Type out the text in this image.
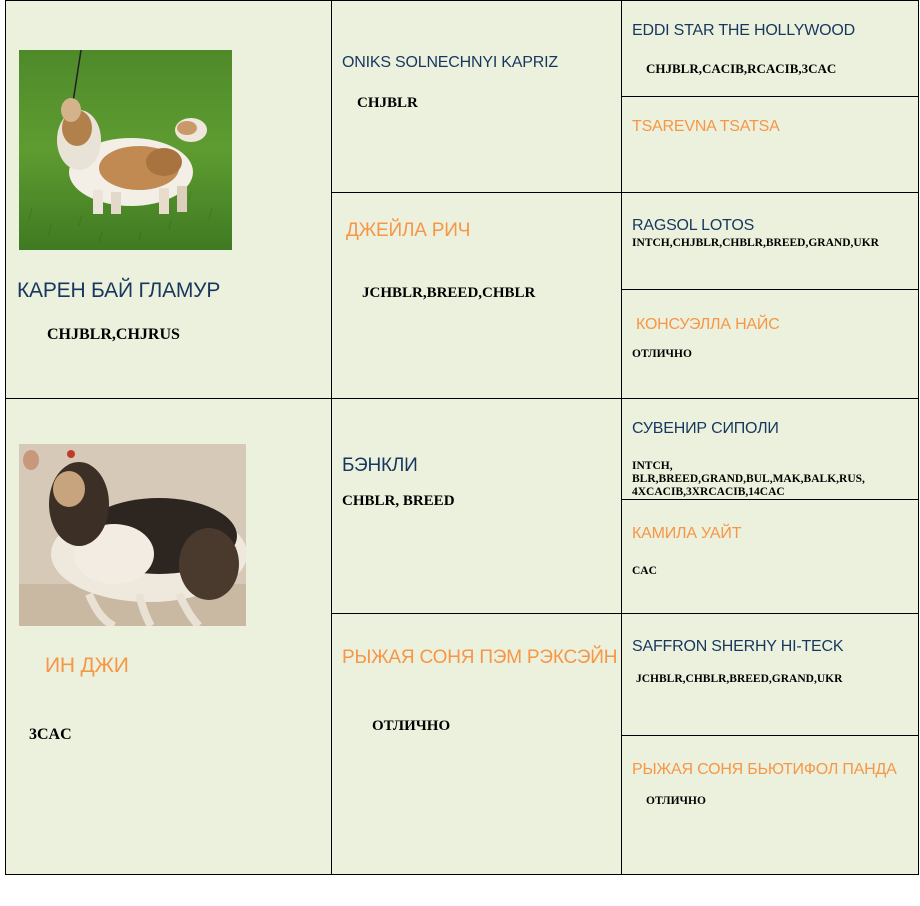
КАРЕН БАЙ ГЛАМУР
CHJBLR,CHJRUS
ИН ДЖИ
3CAC
ONIKS SOLNECHNYI KAPRIZ
CHJBLR
ДЖЕЙЛА РИЧ
JCHBLR,BREED,CHBLR
БЭНКЛИ
CHBLR, BREED
РЫЖАЯ СОНЯ ПЭМ РЭКСЭЙН
ОТЛИЧНО
EDDI STAR THE HOLLYWOOD
CHJBLR,CACIB,RCACIB,3CAC
TSAREVNA TSATSA
RAGSOL LOTOS
INTCH,CHJBLR,CHBLR,BREED,GRAND,UKR
КОНСУЭЛЛА НАЙС
ОТЛИЧНО
СУВЕНИР СИПОЛИ
INTCH,
BLR,BREED,GRAND,BUL,MAK,BALK,RUS,
4XCACIB,3XRCACIB,14CAC
КАМИЛА УАЙТ
CAC
SAFFRON SHERHY HI-TECK
JCHBLR,CHBLR,BREED,GRAND,UKR
РЫЖАЯ СОНЯ БЬЮТИФОЛ ПАНДА
ОТЛИЧНО
